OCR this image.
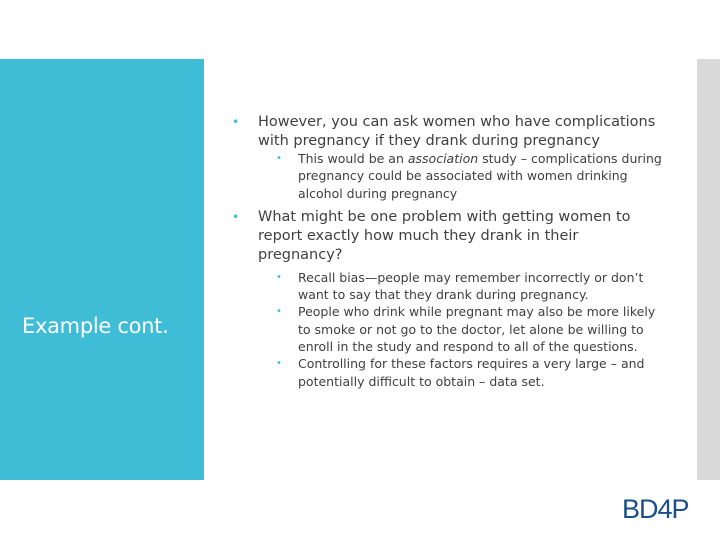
Example cont.
• However, you can ask women who have complications with pregnancy if they drank during pregnancy
• This would be an association study – complications during pregnancy could be associated with women drinking alcohol during pregnancy
• What might be one problem with getting women to report exactly how much they drank in their pregnancy?
• Recall bias—people may remember incorrectly or don’t want to say that they drank during pregnancy.
• People who drink while pregnant may also be more likely to smoke or not go to the doctor, let alone be willing to enroll in the study and respond to all of the questions.
• Controlling for these factors requires a very large – and potentially difficult to obtain – data set.
BD4P
